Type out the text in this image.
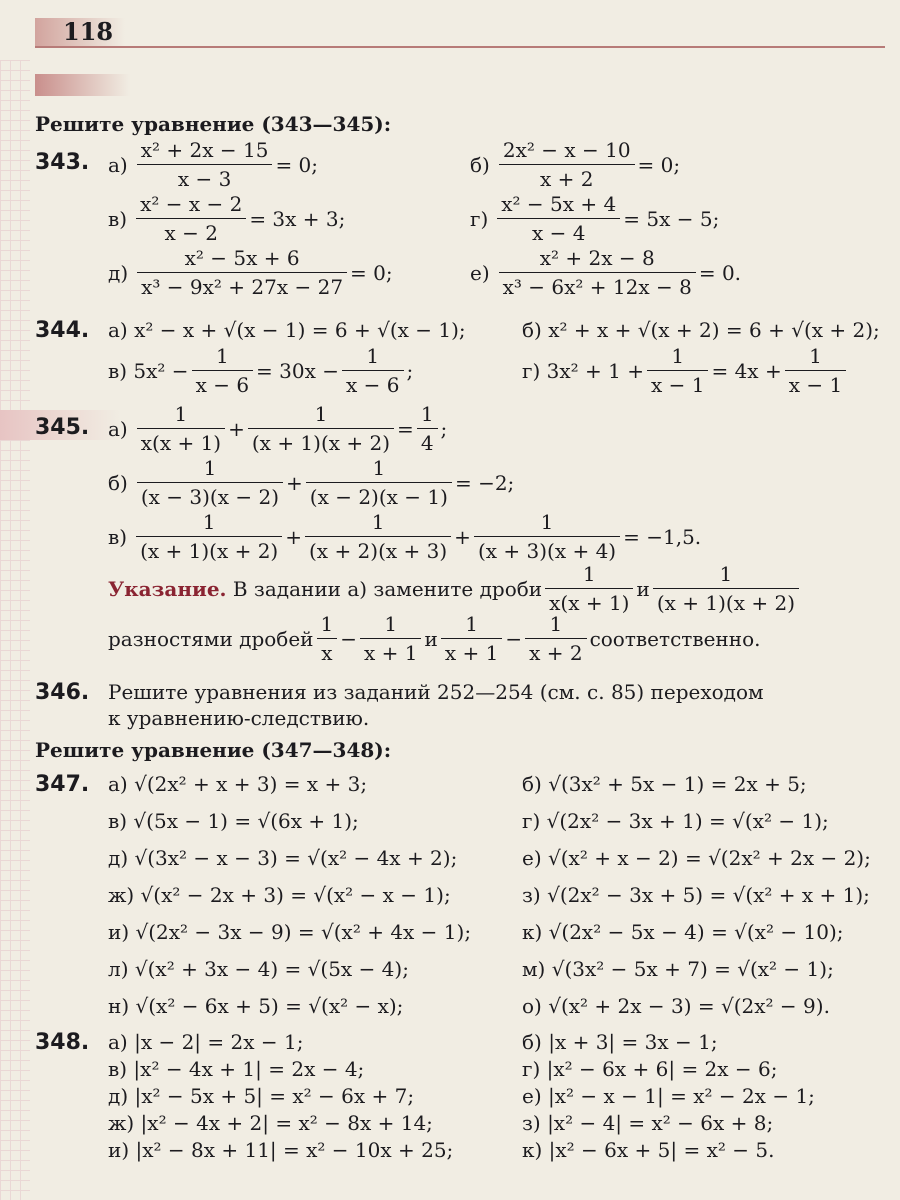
118
Решите уравнение (343—345):
343. $а) \frac{\text{x² + 2x − 15}}{x - 3} = 0$;	$б) \frac{\text{2x² − x − 10}}{x + 2} = 0$;
$в) \frac{\text{x² − x − 2}}{x - 2} = 3x + 3$;	$г) \frac{\text{x² − 5x + 4}}{x - 4} = 5x - 5$;
$д) \frac{\text{x² − 5x + 6}}{\text{x³ − 9x² + 27x − 27}} = 0$;	$е) \frac{\text{x² + 2x − 8}}{\text{x³ − 6x² + 12x − 8}} = 0$.
344. а) x² − x + √(x − 1) = 6 + √(x − 1);	б) x² + x + √(x + 2) = 6 + √(x + 2);
в) $5x^2 - \frac{1}{x - 6} = 30x - \frac{1}{x - 6}$ ;	г) $3x^2 + 1 + \frac{1}{x - 1} = 4x + \frac{1}{x - 1}$
345. $а) \frac{1}{x(x + 1)} + \frac{1}{(x + 1)(x + 2)} = \frac{1}{4}$ ;
$б) \frac{1}{(x - 3)(x - 2)} + \frac{1}{(x - 2)(x - 1)} = -2$;
$в) \frac{1}{(x + 1)(x + 2)} + \frac{1}{(x + 2)(x + 3)} + \frac{1}{(x + 3)(x + 4)} = -1,5$.
Указание.
В задании а) замените дроби $\frac{1}{x(x + 1)}$ и $\frac{1}{(x + 1)(x + 2)}$
разностями дробей $\frac{1}{x} - \frac{1}{x + 1}$ и $\frac{1}{x + 1} - \frac{1}{x + 2}$ соответственно.
346. Решите уравнения из заданий 252—254 (см. с. 85) переходом
к уравнению-следствию.
Решите уравнение (347—348):
347. а) √(2x² + x + 3) = x + 3;	б) √(3x² + 5x − 1) = 2x + 5;
в) √(5x − 1) = √(6x + 1);	г) √(2x² − 3x + 1) = √(x² − 1);
д) √(3x² − x − 3) = √(x² − 4x + 2);	е) √(x² + x − 2) = √(2x² + 2x − 2);
ж) √(x² − 2x + 3) = √(x² − x − 1);	з) √(2x² − 3x + 5) = √(x² + x + 1);
и) √(2x² − 3x − 9) = √(x² + 4x − 1);	к) √(2x² − 5x − 4) = √(x² − 10);
л) √(x² + 3x − 4) = √(5x − 4);	м) √(3x² − 5x + 7) = √(x² − 1);
н) √(x² − 6x + 5) = √(x² − x);	о) √(x² + 2x − 3) = √(2x² − 9).
348. а) |x − 2| = 2x − 1;	б) |x + 3| = 3x − 1;
в) |x² − 4x + 1| = 2x − 4;	г) |x² − 6x + 6| = 2x − 6;
д) |x² − 5x + 5| = x² − 6x + 7;	е) |x² − x − 1| = x² − 2x − 1;
ж) |x² − 4x + 2| = x² − 8x + 14;	з) |x² − 4| = x² − 6x + 8;
и) |x² − 8x + 11| = x² − 10x + 25;	к) |x² − 6x + 5| = x² − 5.
